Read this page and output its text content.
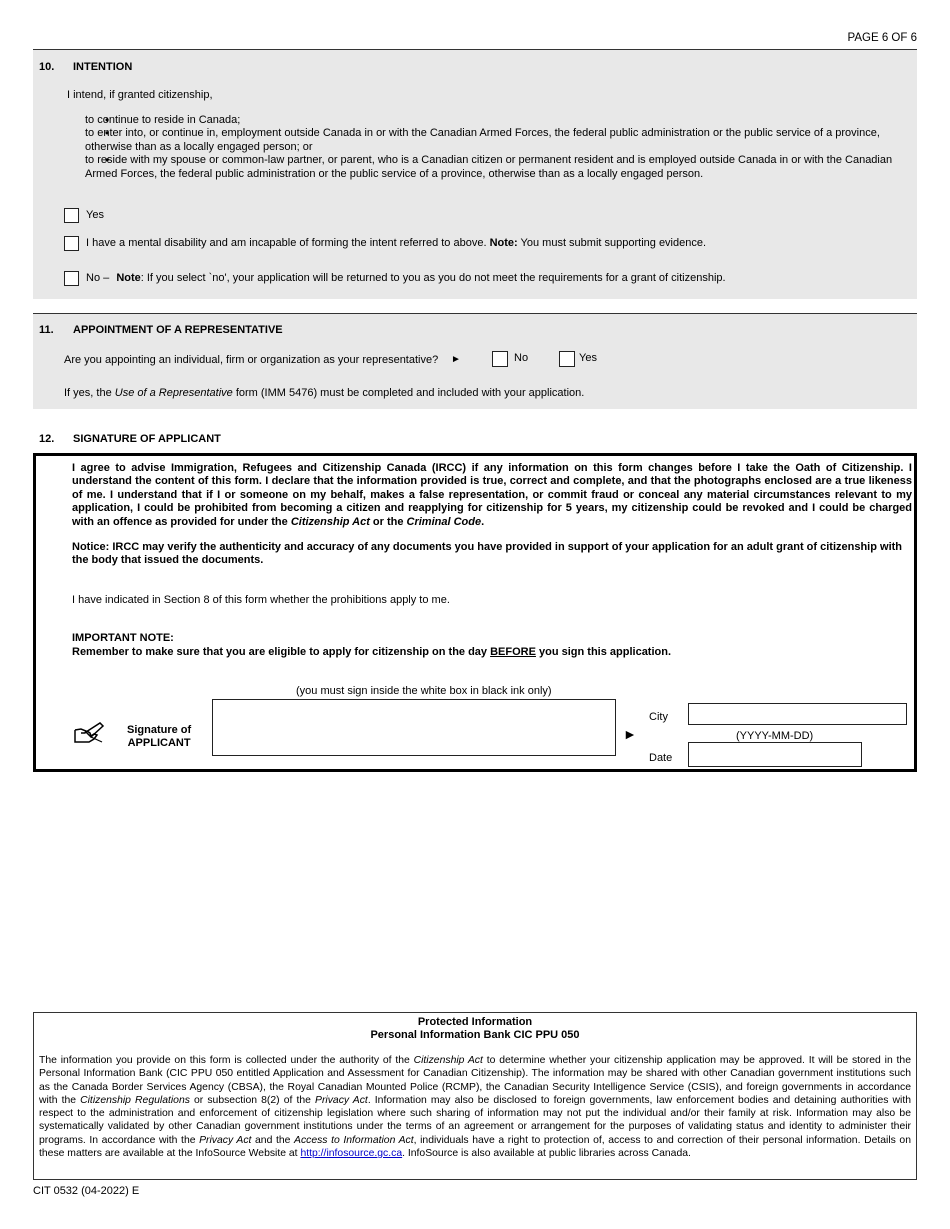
PAGE 6 OF 6
10. INTENTION
I intend, if granted citizenship,
• to continue to reside in Canada;
• to enter into, or continue in, employment outside Canada in or with the Canadian Armed Forces, the federal public administration or the public service of a province, otherwise than as a locally engaged person; or
• to reside with my spouse or common-law partner, or parent, who is a Canadian citizen or permanent resident and is employed outside Canada in or with the Canadian Armed Forces, the federal public administration or the public service of a province, otherwise than as a locally engaged person.
Yes
I have a mental disability and am incapable of forming the intent referred to above. Note: You must submit supporting evidence.
No – Note: If you select `no', your application will be returned to you as you do not meet the requirements for a grant of citizenship.
11. APPOINTMENT OF A REPRESENTATIVE
Are you appointing an individual, firm or organization as your representative? ►	No	Yes
If yes, the Use of a Representative form (IMM 5476) must be completed and included with your application.
12. SIGNATURE OF APPLICANT
I agree to advise Immigration, Refugees and Citizenship Canada (IRCC) if any information on this form changes before I take the Oath of Citizenship. I understand the content of this form. I declare that the information provided is true, correct and complete, and that the photographs enclosed are a true likeness of me. I understand that if I or someone on my behalf, makes a false representation, or commit fraud or conceal any material circumstances relevant to my application, I could be prohibited from becoming a citizen and reapplying for citizenship for 5 years, my citizenship could be revoked and I could be charged with an offence as provided for under the Citizenship Act or the Criminal Code.
Notice: IRCC may verify the authenticity and accuracy of any documents you have provided in support of your application for an adult grant of citizenship with the body that issued the documents.
I have indicated in Section 8 of this form whether the prohibitions apply to me.
IMPORTANT NOTE:
Remember to make sure that you are eligible to apply for citizenship on the day BEFORE you sign this application.
(you must sign inside the white box in black ink only)
Signature of
APPLICANT
►
City
(YYYY-MM-DD)
Date
Protected Information
Personal Information Bank CIC PPU 050
The information you provide on this form is collected under the authority of the Citizenship Act to determine whether your citizenship application may be approved. It will be stored in the Personal Information Bank (CIC PPU 050 entitled Application and Assessment for Canadian Citizenship). The information may be shared with other Canadian government institutions such as the Canada Border Services Agency (CBSA), the Royal Canadian Mounted Police (RCMP), the Canadian Security Intelligence Service (CSIS), and foreign governments in accordance with the Citizenship Regulations or subsection 8(2) of the Privacy Act. Information may also be disclosed to foreign governments, law enforcement bodies and detaining authorities with respect to the administration and enforcement of citizenship legislation where such sharing of information may not put the individual and/or their family at risk. Information may also be systematically validated by other Canadian government institutions under the terms of an agreement or arrangement for the purposes of validating status and identity to administer their programs. In accordance with the Privacy Act and the Access to Information Act, individuals have a right to protection of, access to and correction of their personal information. Details on these matters are available at the InfoSource Website at http://infosource.gc.ca. InfoSource is also available at public libraries across Canada.
CIT 0532 (04-2022) E
